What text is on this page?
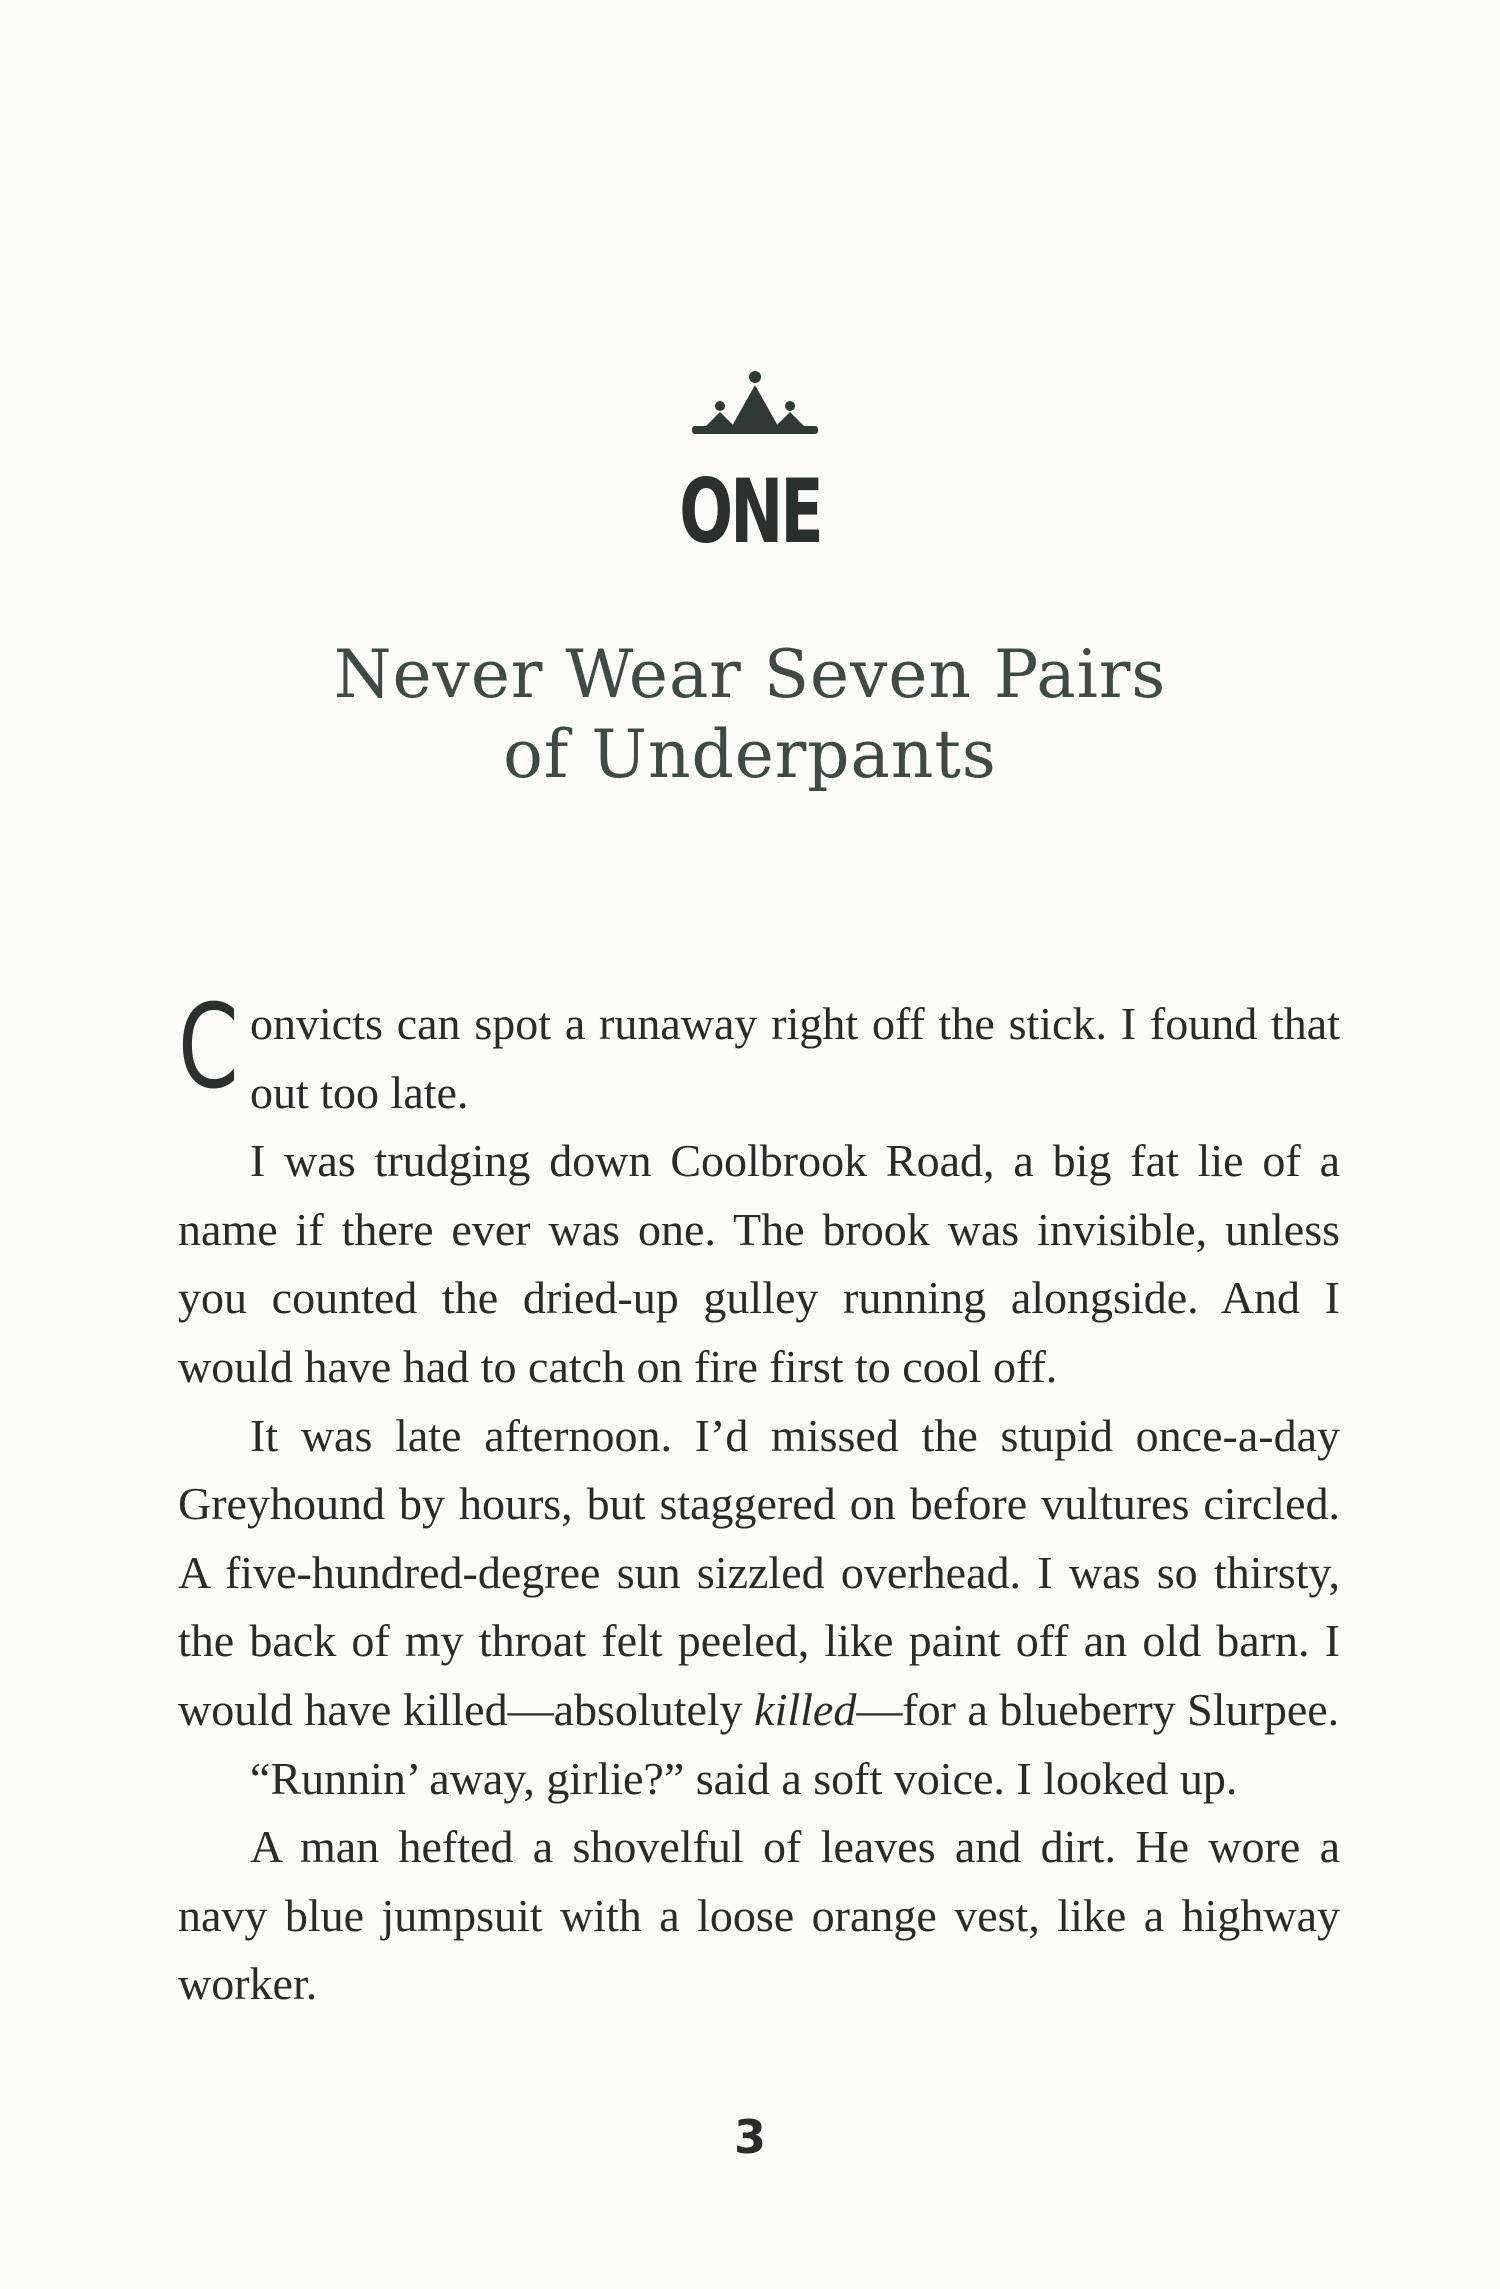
ONE
Never Wear Seven Pairs
of Underpants

Convicts can spot a runaway right off the stick. I found that out too late.

I was trudging down Coolbrook Road, a big fat lie of a name if there ever was one. The brook was invisible, unless you counted the dried-up gulley running alongside. And I would have had to catch on fire first to cool off.

It was late afternoon. I’d missed the stupid once-a-day Greyhound by hours, but staggered on before vultures circled. A five-hundred-degree sun sizzled overhead. I was so thirsty, the back of my throat felt peeled, like paint off an old barn. I would have killed—absolutely killed—for a blueberry Slurpee.

“Runnin’ away, girlie?” said a soft voice. I looked up.

A man hefted a shovelful of leaves and dirt. He wore a navy blue jumpsuit with a loose orange vest, like a highway worker.

3
